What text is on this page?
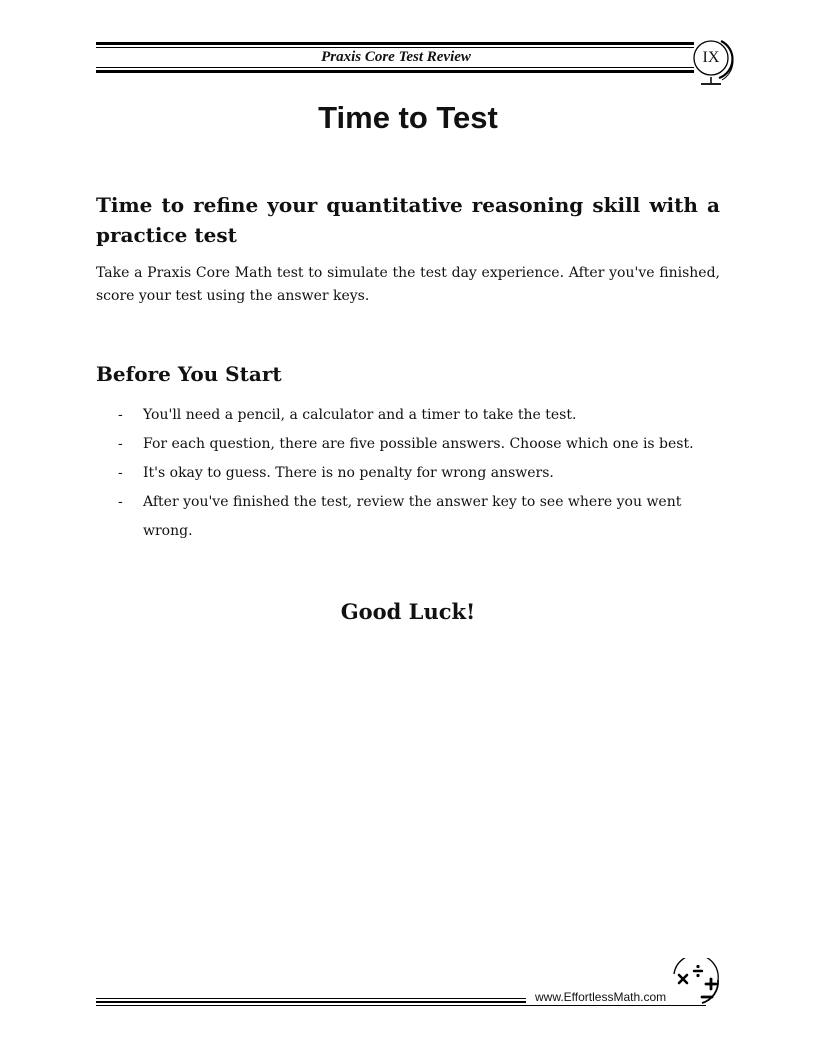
Praxis Core Test Review	IX
Time to Test
Time to refine your quantitative reasoning skill with a practice test

Take a Praxis Core Math test to simulate the test day experience. After you've finished, score your test using the answer keys.

Before You Start
- You'll need a pencil, a calculator and a timer to take the test.
- For each question, there are five possible answers. Choose which one is best.
- It's okay to guess. There is no penalty for wrong answers.
- After you've finished the test, review the answer key to see where you went wrong.
Good Luck!
www.EffortlessMath.com
